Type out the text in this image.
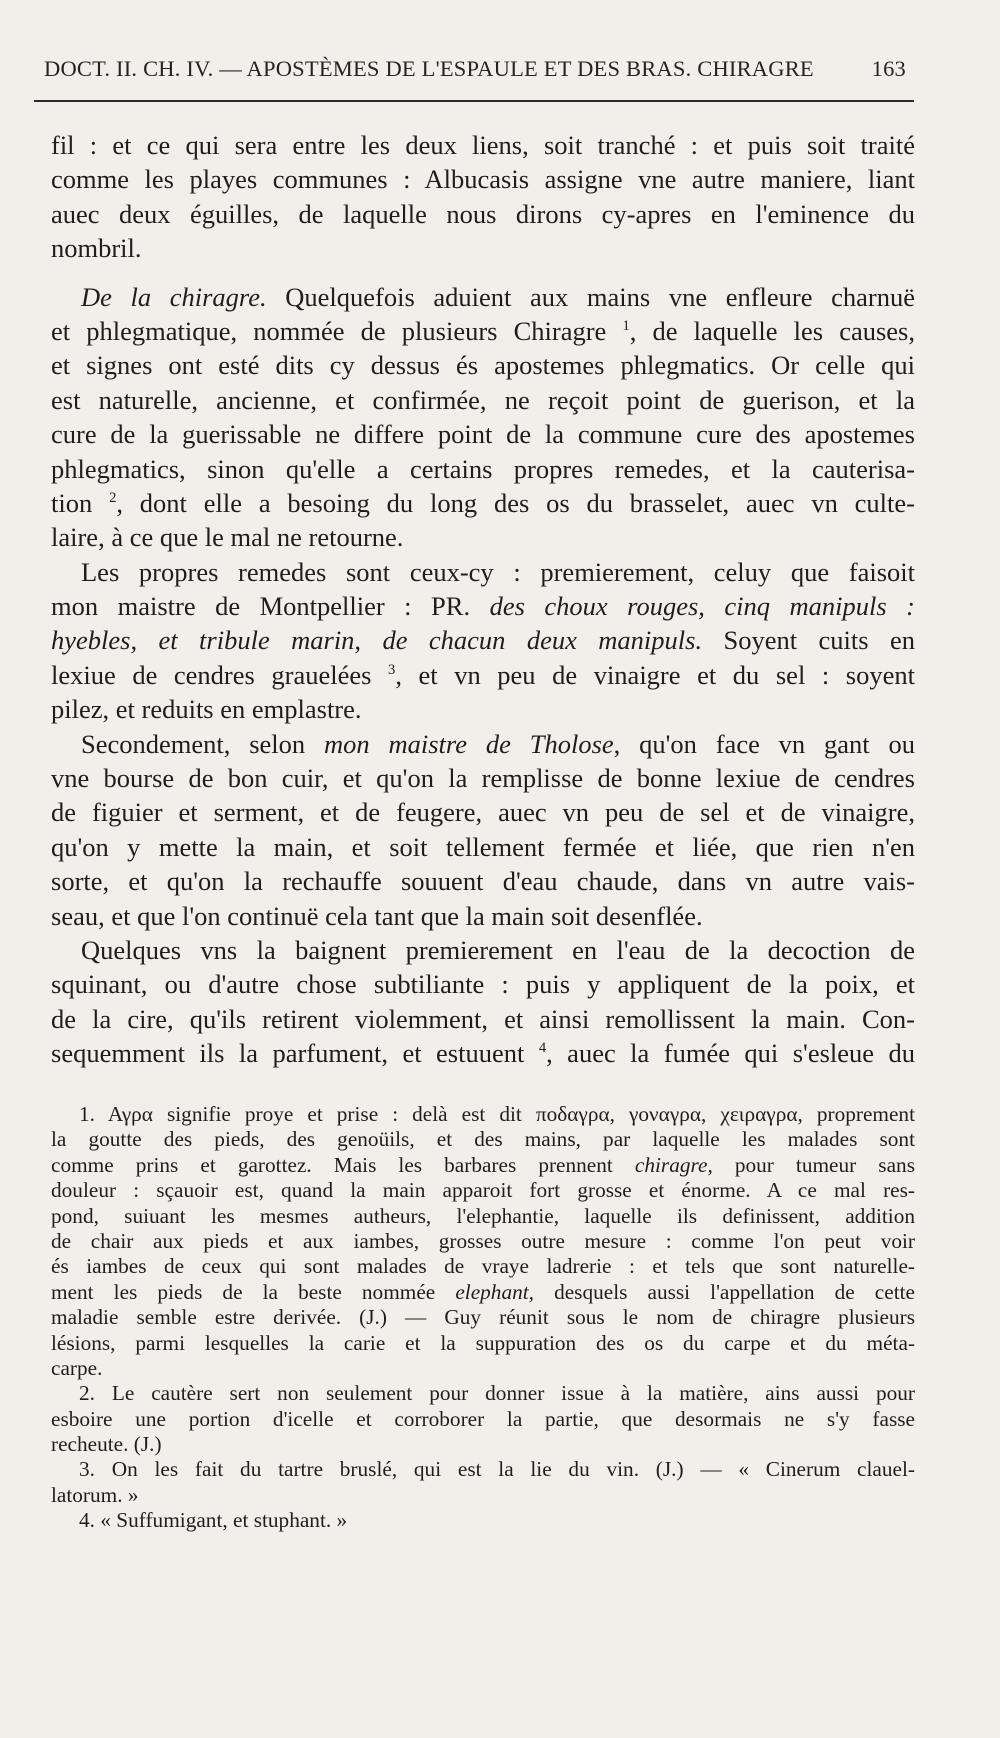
DOCT. II. CH. IV. — APOSTÈMES DE L'ESPAULE ET DES BRAS. CHIRAGRE	163
fil : et ce qui sera entre les deux liens, soit tranché : et puis soit traité
comme les playes communes : Albucasis assigne vne autre maniere, liant
auec deux éguilles, de laquelle nous dirons cy-apres en l'eminence du
nombril.
De la chiragre. Quelquefois aduient aux mains vne enfleure charnuë
et phlegmatique, nommée de plusieurs Chiragre $^1$, de laquelle les causes,
et signes ont esté dits cy dessus és apostemes phlegmatics. Or celle qui
est naturelle, ancienne, et confirmée, ne reçoit point de guerison, et la
cure de la guerissable ne differe point de la commune cure des apostemes
phlegmatics, sinon qu'elle a certains propres remedes, et la cauterisa-
tion $^2$, dont elle a besoing du long des os du brasselet, auec vn culte-
laire, à ce que le mal ne retourne.
Les propres remedes sont ceux-cy : premierement, celuy que faisoit
mon maistre de Montpellier : PR. des choux rouges, cinq manipuls :
hyebles, et tribule marin, de chacun deux manipuls. Soyent cuits en
lexiue de cendres grauelées $^3$, et vn peu de vinaigre et du sel : soyent
pilez, et reduits en emplastre.
Secondement, selon mon maistre de Tholose, qu'on face vn gant ou
vne bourse de bon cuir, et qu'on la remplisse de bonne lexiue de cendres
de figuier et serment, et de feugere, auec vn peu de sel et de vinaigre,
qu'on y mette la main, et soit tellement fermée et liée, que rien n'en
sorte, et qu'on la rechauffe souuent d'eau chaude, dans vn autre vais-
seau, et que l'on continuë cela tant que la main soit desenflée.
Quelques vns la baignent premierement en l'eau de la decoction de
squinant, ou d'autre chose subtiliante : puis y appliquent de la poix, et
de la cire, qu'ils retirent violemment, et ainsi remollissent la main. Con-
sequemment ils la parfument, et estuuent $^4$, auec la fumée qui s'esleue du
1. Αγρα signifie proye et prise : delà est dit ποδαγρα, γοναγρα, χειραγρα, proprement
la goutte des pieds, des genoüils, et des mains, par laquelle les malades sont
comme prins et garottez. Mais les barbares prennent chiragre, pour tumeur sans
douleur : sçauoir est, quand la main apparoit fort grosse et énorme. A ce mal res-
pond, suiuant les mesmes autheurs, l'elephantie, laquelle ils definissent, addition
de chair aux pieds et aux iambes, grosses outre mesure : comme l'on peut voir
és iambes de ceux qui sont malades de vraye ladrerie : et tels que sont naturelle-
ment les pieds de la beste nommée elephant, desquels aussi l'appellation de cette
maladie semble estre derivée. (J.) — Guy réunit sous le nom de chiragre plusieurs
lésions, parmi lesquelles la carie et la suppuration des os du carpe et du méta-
carpe.
2. Le cautère sert non seulement pour donner issue à la matière, ains aussi pour
esboire une portion d'icelle et corroborer la partie, que desormais ne s'y fasse
recheute. (J.)
3. On les fait du tartre bruslé, qui est la lie du vin. (J.) — « Cinerum clauel-
latorum. »
4. « Suffumigant, et stuphant. »
